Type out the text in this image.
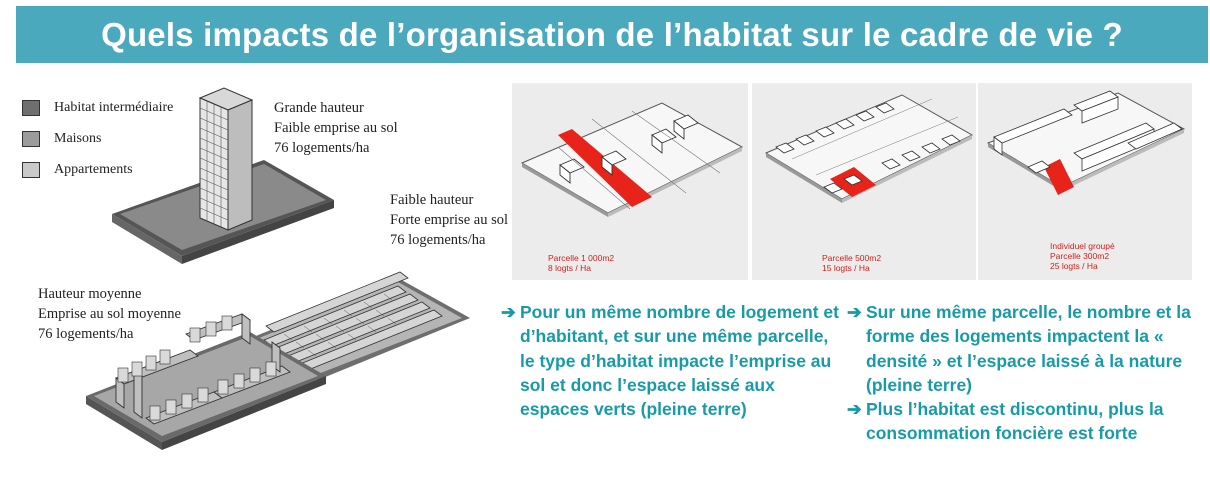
Quels impacts de l’organisation de l’habitat sur le cadre de vie ?
Habitat intermédiaire
Maisons
Appartements
Grande hauteur
Faible emprise au sol
76 logements/ha
Faible hauteur
Forte emprise au sol
76 logements/ha
Hauteur moyenne
Emprise au sol moyenne
76 logements/ha
Parcelle 1 000m2
8 logts / Ha
Parcelle 500m2
15 logts / Ha
Individuel groupé
Parcelle 300m2
25 logts / Ha
➔ Pour un même nombre de logement et d’habitant, et sur une même parcelle, le type d’habitat impacte l’emprise au sol et donc l’espace laissé aux espaces verts (pleine terre)
➔ Sur une même parcelle, le nombre et la forme des logements impactent la « densité » et l’espace laissé à la nature (pleine terre)
➔ Plus l’habitat est discontinu, plus la consommation foncière est forte
